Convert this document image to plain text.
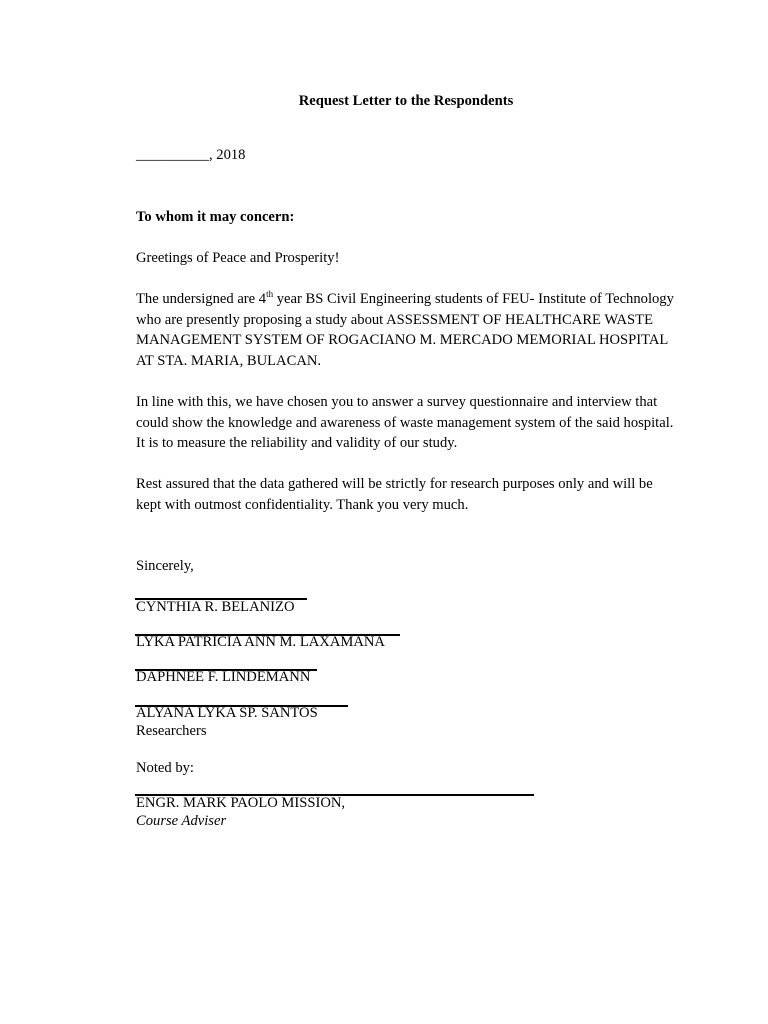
Request Letter to the Respondents
__________, 2018
To whom it may concern:
Greetings of Peace and Prosperity!
The undersigned are 4th year BS Civil Engineering students of FEU- Institute of Technology who are presently proposing a study about ASSESSMENT OF HEALTHCARE WASTE MANAGEMENT SYSTEM OF ROGACIANO M. MERCADO MEMORIAL HOSPITAL AT STA. MARIA, BULACAN.
In line with this, we have chosen you to answer a survey questionnaire and interview that could show the knowledge and awareness of waste management system of the said hospital. It is to measure the reliability and validity of our study.
Rest assured that the data gathered will be strictly for research purposes only and will be kept with outmost confidentiality. Thank you very much.
Sincerely,
CYNTHIA R. BELANIZO
LYKA PATRICIA ANN M. LAXAMANA
DAPHNEE F. LINDEMANN
ALYANA LYKA SP. SANTOS
Researchers
Noted by:
ENGR. MARK PAOLO MISSION,
Course Adviser
